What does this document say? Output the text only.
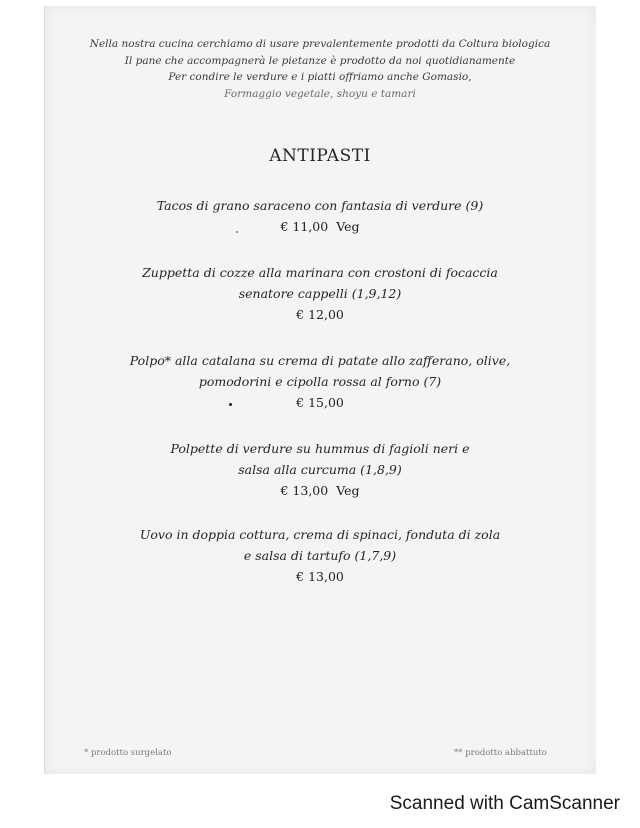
Nella nostra cucina cerchiamo di usare prevalentemente prodotti da Coltura biologica
Il pane che accompagnerà le pietanze è prodotto da noi quotidianamente
Per condire le verdure e i piatti offriamo anche Gomasio,
Formaggio vegetale, shoyu e tamari
ANTIPASTI
Tacos di grano saraceno con fantasia di verdure (9)
€ 11,00 Veg
Zuppetta di cozze alla marinara con crostoni di focaccia
senatore cappelli (1,9,12)
€ 12,00
Polpo* alla catalana su crema di patate allo zafferano, olive,
pomodorini e cipolla rossa al forno (7)
€ 15,00
Polpette di verdure su hummus di fagioli neri e
salsa alla curcuma (1,8,9)
€ 13,00 Veg
Uovo in doppia cottura, crema di spinaci, fonduta di zola
e salsa di tartufo (1,7,9)
€ 13,00
* prodotto surgelato	** prodotto abbattuto
Scanned with CamScanner
